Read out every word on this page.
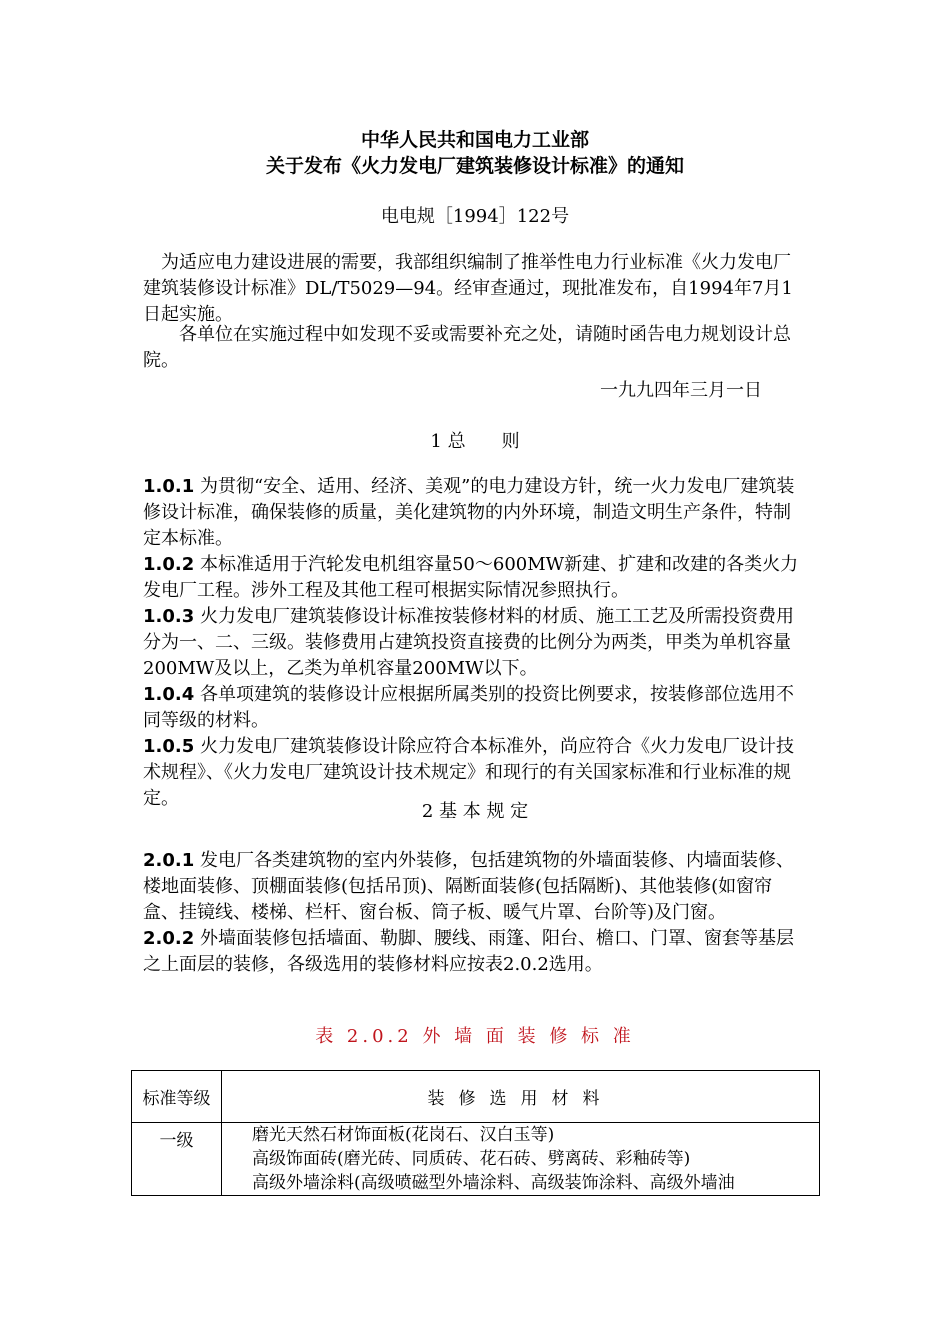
中华人民共和国电力工业部
关于发布《火力发电厂建筑装修设计标准》的通知
电电规［1994］122号
为适应电力建设进展的需要，我部组织编制了推举性电力行业标准《火力发电厂建筑装修设计标准》DL/T5029—94。经审查通过，现批准发布，自1994年7月1日起实施。
各单位在实施过程中如发现不妥或需要补充之处，请随时函告电力规划设计总院。
一九九四年三月一日
1 总 则
1.0.1 为贯彻“安全、适用、经济、美观”的电力建设方针，统一火力发电厂建筑装修设计标准，确保装修的质量，美化建筑物的内外环境，制造文明生产条件，特制定本标准。
1.0.2 本标准适用于汽轮发电机组容量50～600MW新建、扩建和改建的各类火力发电厂工程。涉外工程及其他工程可根据实际情况参照执行。
1.0.3 火力发电厂建筑装修设计标准按装修材料的材质、施工工艺及所需投资费用分为一、二、三级。装修费用占建筑投资直接费的比例分为两类，甲类为单机容量200MW及以上，乙类为单机容量200MW以下。
1.0.4 各单项建筑的装修设计应根据所属类别的投资比例要求，按装修部位选用不同等级的材料。
1.0.5 火力发电厂建筑装修设计除应符合本标准外，尚应符合《火力发电厂设计技术规程》、《火力发电厂建筑设计技术规定》和现行的有关国家标准和行业标准的规定。
2 基 本 规 定
2.0.1 发电厂各类建筑物的室内外装修，包括建筑物的外墙面装修、内墙面装修、楼地面装修、顶棚面装修(包括吊顶)、隔断面装修(包括隔断)、其他装修(如窗帘盒、挂镜线、楼梯、栏杆、窗台板、筒子板、暖气片罩、台阶等)及门窗。
2.0.2 外墙面装修包括墙面、勒脚、腰线、雨篷、阳台、檐口、门罩、窗套等基层之上面层的装修，各级选用的装修材料应按表2.0.2选用。
表 2.0.2 外 墙 面 装 修 标 准
标准等级	装修选用材料
一级	磨光天然石材饰面板(花岗石、汉白玉等)
高级饰面砖(磨光砖、同质砖、花石砖、劈离砖、彩釉砖等)
高级外墙涂料(高级喷磁型外墙涂料、高级装饰涂料、高级外墙油
